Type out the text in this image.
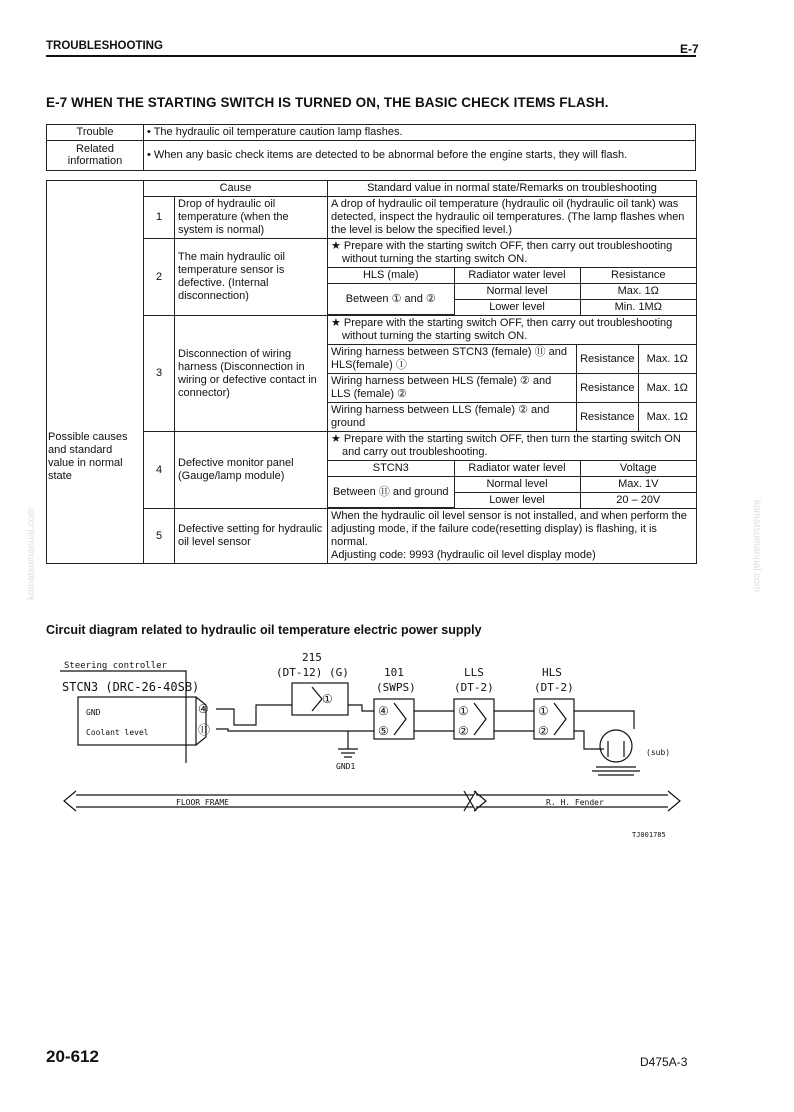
TROUBLESHOOTING	E-7
E-7 WHEN THE STARTING SWITCH IS TURNED ON, THE BASIC CHECK ITEMS FLASH.
Trouble	• The hydraulic oil temperature caution lamp flashes.

Related
information	• When any basic check items are detected to be abnormal before the engine starts, they will flash.
Possible causes and standard value in normal state	Cause	Standard value in normal state/Remarks on troubleshooting
1	Drop of hydraulic oil temperature (when the system is normal)	A drop of hydraulic oil temperature (hydraulic oil (hydraulic oil tank) was detected, inspect the hydraulic oil temperatures. (The lamp flashes when the level is below the specified level.)
2	The main hydraulic oil temperature sensor is defective. (Internal disconnection)	
★ Prepare with the starting switch OFF, then carry out troubleshooting without turning the starting switch ON.
HLS (male)	Radiator water level	Resistance
Between ① and ②	Normal level	Max. 1Ω
Lower level	Min. 1MΩ

3	Disconnection of wiring harness (Disconnection in wiring or defective contact in connector)	
★ Prepare with the starting switch OFF, then carry out troubleshooting without turning the starting switch ON.
Wiring harness between STCN3 (female) ⑪ and HLS(female) ①	Resistance	Max. 1Ω
Wiring harness between HLS (female) ② and LLS (female) ②	Resistance	Max. 1Ω
Wiring harness between LLS (female) ② and ground	Resistance	Max. 1Ω

4	Defective monitor panel (Gauge/lamp module)	
★ Prepare with the starting switch OFF, then turn the starting switch ON and carry out troubleshooting.
STCN3	Radiator water level	Voltage
Between ⑪ and ground	Normal level	Max. 1V
Lower level	20 – 20V

5	Defective setting for hydraulic oil level sensor	
When the hydraulic oil level sensor is not installed, and when perform the adjusting mode, if the failure code(resetting display) is flashing, it is normal.
Adjusting code: 9993 (hydraulic oil level display mode)
Circuit diagram related to hydraulic oil temperature electric power supply
Steering controller
STCN3 (DRC-26-40SB)
GND
Coolant level
④
⑪
215
(DT-12) (G)
①
101
(SWPS)
④
⑤
LLS
(DT-2)
①
②
HLS
(DT-2)
①
②
GND1
(sub)
FLOOR FRAME	R. H. Fender
TJ001785
komatsumanual.com	komatsumanual.com
20-612	D475A-3
